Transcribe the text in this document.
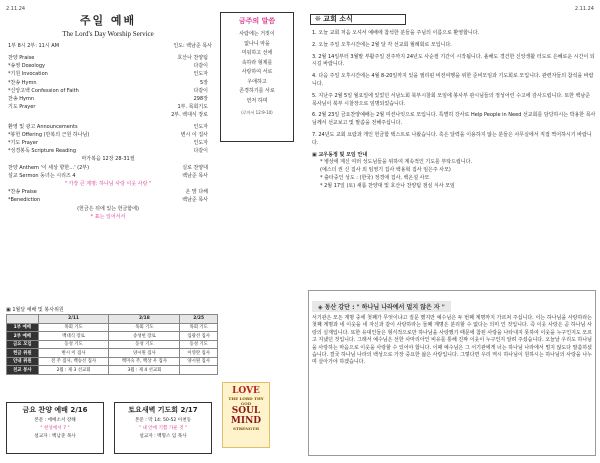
2.11.24
주일 예배
The Lord's Day Worship Service
1부 8시 2부: 11시 AM	인도: 백남준 목사
찬양 Praise	호산나 찬양팀
*송영 Doxology	다같이
*기원 Invocation	인도자
*찬송 Hymn	5장
*신앙고백 Confession of Faith	다같이
찬송 Hymn	298장
기도 Prayer	1부. 목회기도
2부. 백대식 장로
환영 및 광고 Announcements	인도자
*봉헌 Offering (만복의 근원 하나님)	변시 이 집사
*기도 Prayer	인도자
*성경봉독 Scripture Reading	다같이
마가복음 12장 28-31절
찬양 Anthem '이 세상 향한…' (2부)	실로 찬양대
설교 Sermon 동녀는 시리즈 4	백남준 목사
" 가장 큰 계명: 하나님 사랑 이웃 사랑 "
*찬송 Praise	온 맘 다해
*Benediction	백남준 목사
(헌금은 뒤에 있는 헌금함에)
* 표는 일어서서
금주의 말씀
사람에는 거짓이
없나니 악을
미워하고 선에
속하라 형제를
사랑하여 서로
우애하고
존경하기를 서로
먼저 하며
(로마서 12:9-10)
▣ 1월달 예배 및 봉사위원
	2/11	2/18	2/25
1부 예배	목회 기도	목회 기도	목회 기도
2부 예배	백대식 장로	송성헌 장로	임광선 집사
금요 모임	동성 기도	동성 기도	동성 기도
헌금 위원	변시 이 집사	양시원 집사	이영란 집사
안내 위원	전 주 집사, 백승선 집사	백미숙 주, 백상 우 집사	양시원 집사
친교 봉사	2월 : 제 3 선교회	3월 : 제 4 선교회	
LOVE
THE LORD THY GOD
SOUL MIND
STRENGTH
금요 찬양 예배 2/16
본문 : 에베소서 강해
" 천상에서 7 "
설교자 : 백남준 목사
토요새벽 기도회 2/17
본문 : 막 14: 50-52 이천동
" 내 안에 기쁨 가운 것 "
설교자 : 백형스 임 목사
2.11.24
❊ 교회 소식

1. 오늘 교회 처음 오셔서 예배에 참석한 분들을 주님의 이름으로 환영합니다.

2. 오늘 주일 오후시간에는 2월 달 각 선교회 월례회로 모입니다.

3. 2월 14일부터 3월말 부활주일 전주까지 24년도 사순절 기간이 시작됩니다. 올해도 경건한 신앙생활 터도로 은혜로운 시간이 되시길 바랍니다.

4. 다음 주일 오후시간에는 4월 8-20일까지 있을 필리핀 비전여행을 위한 준비모임과 기도회로 모입니다. 관련자들의 참석을 바랍니다.

5. 지난주 2월 5일 월요일에 있었던 서남노회 북부시찰회 모임에 봉사부 관시님들의 정성어린 수고에 감사드립니다. 또한 백남준 목사님이 북부 시찰장으로 임명되었습니다.

6. 2월 23일 금요찬양예배는 2월 미션나잇으로 모입니다. 특별히 강사로 Help People in Need 선교회를 담당하시는 박용한 목사님께서 선교보고 및 말씀을 전해주십니다.

7. 24년도 교회 요람과 개인 헌금함 텍스트로 나왔습니다. 혹은 달력을 이용하지 않는 분들은 사무실에서 직접 찍어하시기 바랍니다.

▣ 교우동정 및 모임 안내
* 병상에 계신 여러 성도님들을 위하여 계속적인 기도를 부탁드립니다.
(예스더 권 신 집사 외 임영기 집사 백용혁 집사 임은주 사모)
* 출타중인 성도 : (한국) 정경애 집사, 백온설 사모
* 2월 17일 (토) 새롬 찬양대 및 호산나 찬양팀 점심 식사 모임
◈ 동산 강단 : " 하나님 나라에서 멀지 않은 자 "
서기관은 모든 계명 중에 첫째가 무엇이냐고 질문 했지만 예수님은 두 번째 계명까지 가르쳐 주십니다. 이는 하나님을 사랑하라는 첫째 계명과 네 이웃을 네 자신과 같이 사랑하라는 둘째 계명은 분리할 수 없다는 의미 인 것입니다. 즉 이웃 사랑은 곧 하나님 사랑의 실재입니다. 또한 유대인들은 형식적으로만 하나님을 사랑했기 때문에 참된 사랑을 나타내지 못하여 이웃을 누구인지도 모르고 지냈던 것입니다. 그래서 예수님은 선한 사마리아인 비유를 통해 진짜 이웃이 누구인지 알려 주셨습니다. 오늘날 우리도 하나님을 사랑하는 마음으로 이웃을 사랑할 수 있어야 합니다. 이때 예수님은 그 서기관에게 너는 하나님 나라에서 멀지 않도다 말씀하셨습니다. 결국 하나님 나라의 백성으로 가장 중요한 삶은 사랑입니다. 그렇다면 우리 역시 하나님이 원하시는 하나님의 사랑을 나누며 살아가야 하겠습니다.
